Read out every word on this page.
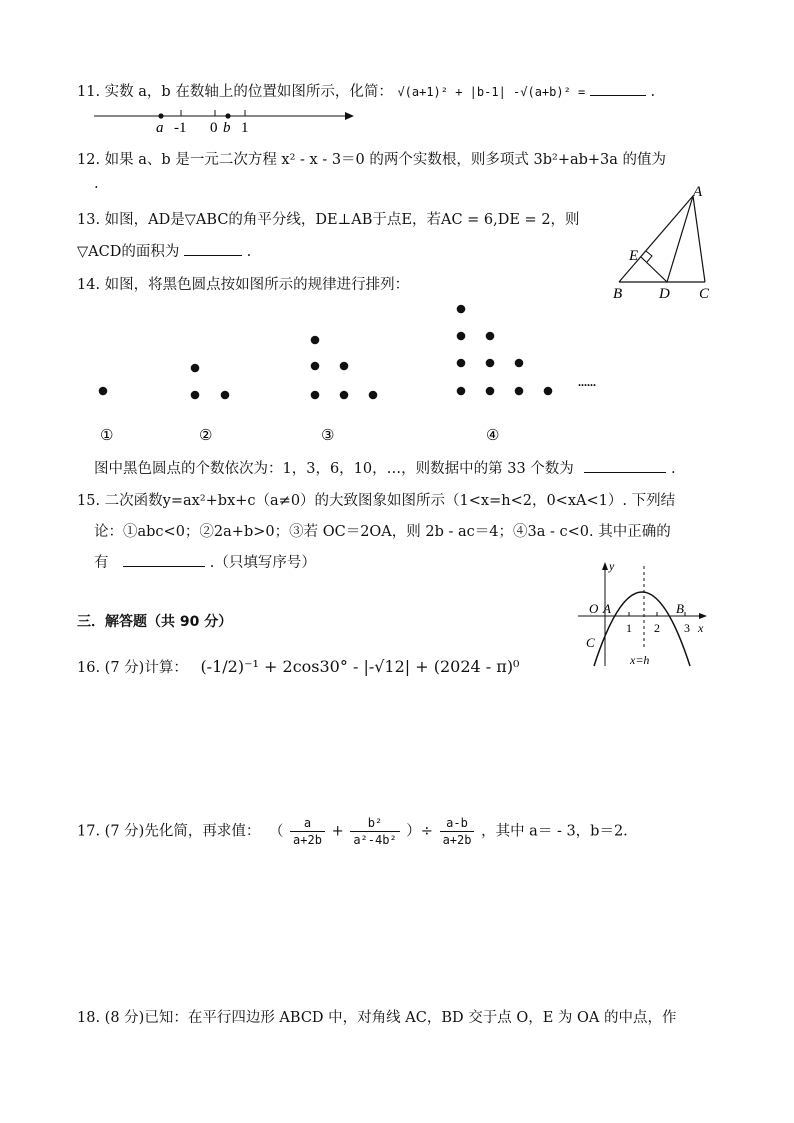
11. 实数 a，b 在数轴上的位置如图所示，化简： √(a+1)² + |b-1| -√(a+b)² =	.
a -1 0 b 1
12. 如果 a、b 是一元二次方程 x² - x - 3＝0 的两个实数根，则多项式 3b²+ab+3a 的值为
.
13. 如图，AD是▽ABC的角平分线，DE⊥AB于点E，若AC = 6,DE = 2，则
▽ACD的面积为	.
A
E
B D C
14. 如图，将黑色圆点按如图所示的规律进行排列：
......
①	②	③	④
图中黑色圆点的个数依次为：1，3，6，10，…，则数据中的第 33 个数为	.
15. 二次函数y=ax²+bx+c（a≠0）的大致图象如图所示（1<x=h<2，0<xA<1）. 下列结
论：①abc<0；②2a+b>0；③若 OC＝2OA，则 2b - ac＝4；④3a - c<0. 其中正确的
有	.（只填写序号）	y
O A	B
C
1 2 3 x
x=h
三．解答题（共 90 分）
16. (7 分)计算： (-1/2)⁻¹ + 2cos30° - |-√12| + (2024 - π)⁰
17. (7 分)先化简，再求值： （ $\frac{a}{a+2b} + \frac{\text{b²}}{\text{a²-4b²}}$ ）÷ $\frac{a-b}{a+2b}$ ，其中 a＝ - 3，b＝2.
18. (8 分)已知：在平行四边形 ABCD 中，对角线 AC，BD 交于点 O，E 为 OA 的中点，作
